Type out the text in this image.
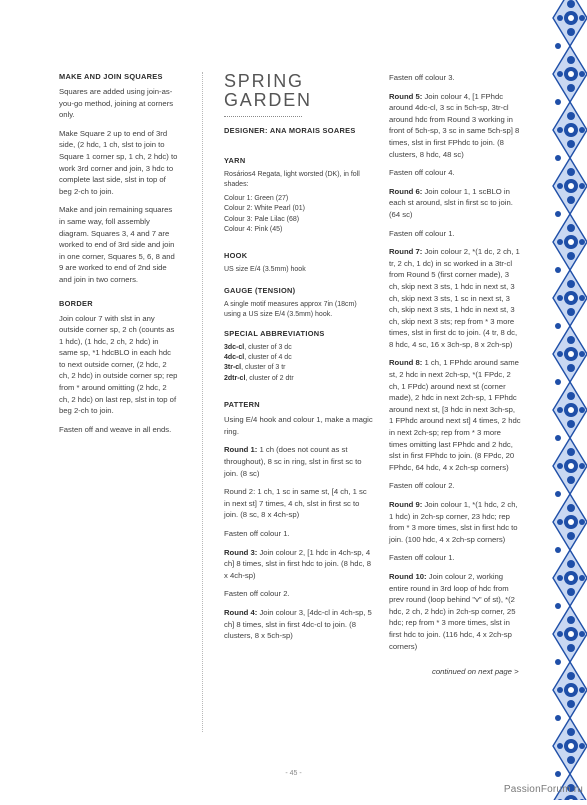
MAKE AND JOIN SQUARES
Squares are added using join-as-you-go method, joining at corners only.
Make Square 2 up to end of 3rd side, (2 hdc, 1 ch, slst to join to Square 1 corner sp, 1 ch, 2 hdc) to work 3rd corner and join, 3 hdc to complete last side, slst in top of beg 2-ch to join.
Make and join remaining squares in same way, foll assembly diagram. Squares 3, 4 and 7 are worked to end of 3rd side and join in one corner, Squares 5, 6, 8 and 9 are worked to end of 2nd side and join in two corners.
BORDER
Join colour 7 with slst in any outside corner sp, 2 ch (counts as 1 hdc), (1 hdc, 2 ch, 2 hdc) in same sp, *1 hdcBLO in each hdc to next outside corner, (2 hdc, 2 ch, 2 hdc) in outside corner sp; rep from * around omitting (2 hdc, 2 ch, 2 hdc) on last rep, slst in top of beg 2-ch to join.
Fasten off and weave in all ends.
SPRING
GARDEN
DESIGNER: ANA MORAIS SOARES
YARN
Rosários4 Regata, light worsted (DK), in foll shades:
Colour 1: Green (27)
Colour 2: White Pearl (01)
Colour 3: Pale Lilac (68)
Colour 4: Pink (45)
HOOK
US size E/4 (3.5mm) hook
GAUGE (TENSION)
A single motif measures approx 7in (18cm) using a US size E/4 (3.5mm) hook.
SPECIAL ABBREVIATIONS
3dc-cl, cluster of 3 dc
4dc-cl, cluster of 4 dc
3tr-cl, cluster of 3 tr
2dtr-cl, cluster of 2 dtr
PATTERN
Using E/4 hook and colour 1, make a magic ring.
Round 1: 1 ch (does not count as st throughout), 8 sc in ring, slst in first sc to join. (8 sc)
Round 2: 1 ch, 1 sc in same st, [4 ch, 1 sc in next st] 7 times, 4 ch, slst in first sc to join. (8 sc, 8 x 4ch-sp)
Fasten off colour 1.
Round 3: Join colour 2, [1 hdc in 4ch-sp, 4 ch] 8 times, slst in first hdc to join. (8 hdc, 8 x 4ch-sp)
Fasten off colour 2.
Round 4: Join colour 3, [4dc-cl in 4ch-sp, 5 ch] 8 times, slst in first 4dc-cl to join. (8 clusters, 8 x 5ch-sp)
Fasten off colour 3.
Round 5: Join colour 4, [1 FPhdc around 4dc-cl, 3 sc in 5ch-sp, 3tr-cl around hdc from Round 3 working in front of 5ch-sp, 3 sc in same 5ch-sp] 8 times, slst in first FPhdc to join. (8 clusters, 8 hdc, 48 sc)
Fasten off colour 4.
Round 6: Join colour 1, 1 scBLO in each st around, slst in first sc to join. (64 sc)
Fasten off colour 1.
Round 7: Join colour 2, *(1 dc, 2 ch, 1 tr, 2 ch, 1 dc) in sc worked in a 3tr-cl from Round 5 (first corner made), 3 ch, skip next 3 sts, 1 hdc in next st, 3 ch, skip next 3 sts, 1 sc in next st, 3 ch, skip next 3 sts, 1 hdc in next st, 3 ch, skip next 3 sts; rep from * 3 more times, slst in first dc to join. (4 tr, 8 dc, 8 hdc, 4 sc, 16 x 3ch-sp, 8 x 2ch-sp)
Round 8: 1 ch, 1 FPhdc around same st, 2 hdc in next 2ch-sp, *(1 FPdc, 2 ch, 1 FPdc) around next st (corner made), 2 hdc in next 2ch-sp, 1 FPhdc around next st, [3 hdc in next 3ch-sp, 1 FPhdc around next st] 4 times, 2 hdc in next 2ch-sp; rep from * 3 more times omitting last FPhdc and 2 hdc, slst in first FPhdc to join. (8 FPdc, 20 FPhdc, 64 hdc, 4 x 2ch-sp corners)
Fasten off colour 2.
Round 9: Join colour 1, *(1 hdc, 2 ch, 1 hdc) in 2ch-sp corner, 23 hdc; rep from * 3 more times, slst in first hdc to join. (100 hdc, 4 x 2ch-sp corners)
Fasten off colour 1.
Round 10: Join colour 2, working entire round in 3rd loop of hdc from prev round (loop behind "v" of st), *(2 hdc, 2 ch, 2 hdc) in 2ch-sp corner, 25 hdc; rep from * 3 more times, slst in first hdc to join. (116 hdc, 4 x 2ch-sp corners)
continued on next page >
- 45 -
PassionForum.ru
